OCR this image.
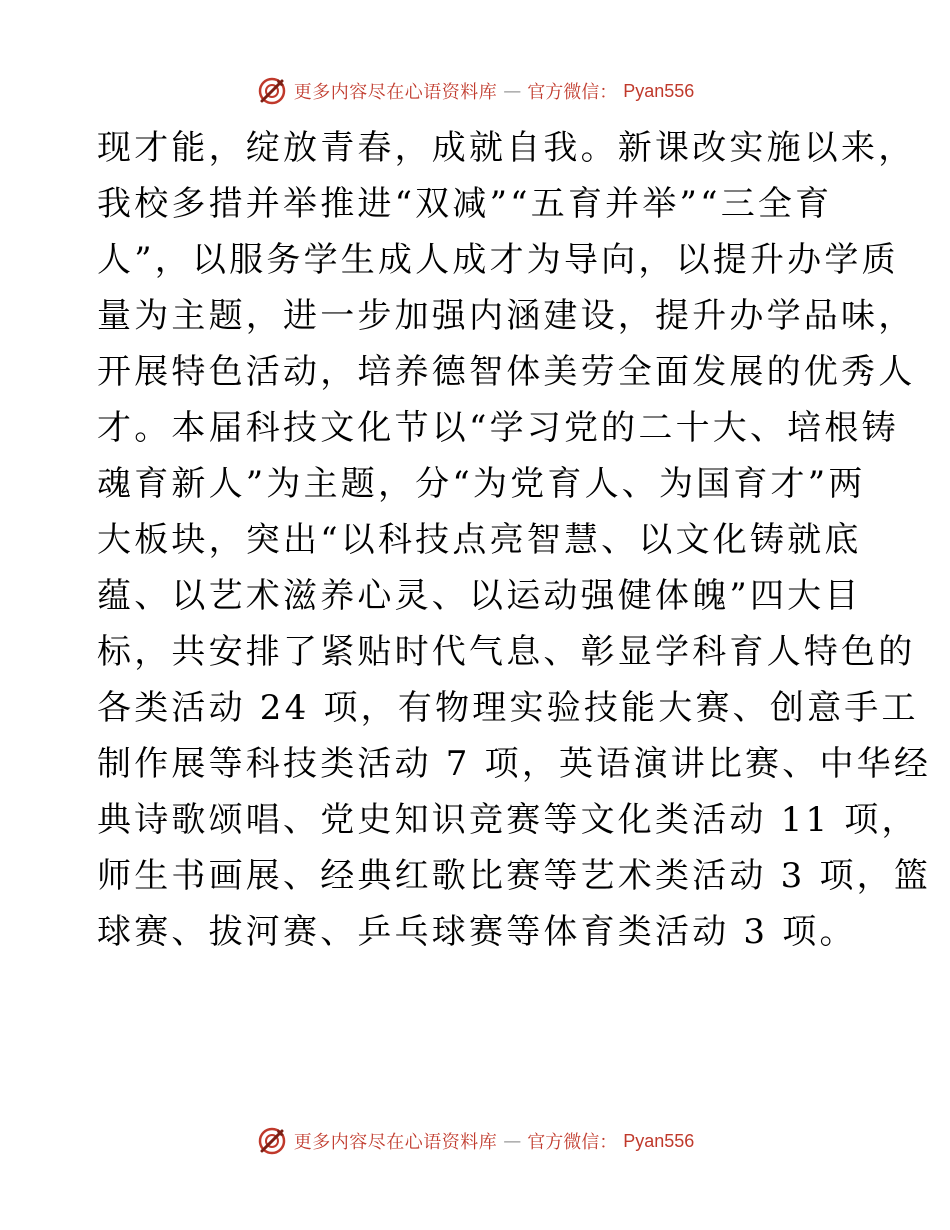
更多内容尽在心语资料库 — 官方微信： Pyan556
现才能，绽放青春，成就自我。新课改实施以来，
我校多措并举推进“双减”“五育并举”“三全育
人”，以服务学生成人成才为导向，以提升办学质
量为主题，进一步加强内涵建设，提升办学品味，
开展特色活动，培养德智体美劳全面发展的优秀人
才。本届科技文化节以“学习党的二十大、培根铸
魂育新人”为主题，分“为党育人、为国育才”两
大板块，突出“以科技点亮智慧、以文化铸就底
蕴、以艺术滋养心灵、以运动强健体魄”四大目
标，共安排了紧贴时代气息、彰显学科育人特色的
各类活动 24 项，有物理实验技能大赛、创意手工
制作展等科技类活动 7 项，英语演讲比赛、中华经
典诗歌颂唱、党史知识竞赛等文化类活动 11 项，
师生书画展、经典红歌比赛等艺术类活动 3 项，篮
球赛、拔河赛、乒乓球赛等体育类活动 3 项。
更多内容尽在心语资料库 — 官方微信： Pyan556
